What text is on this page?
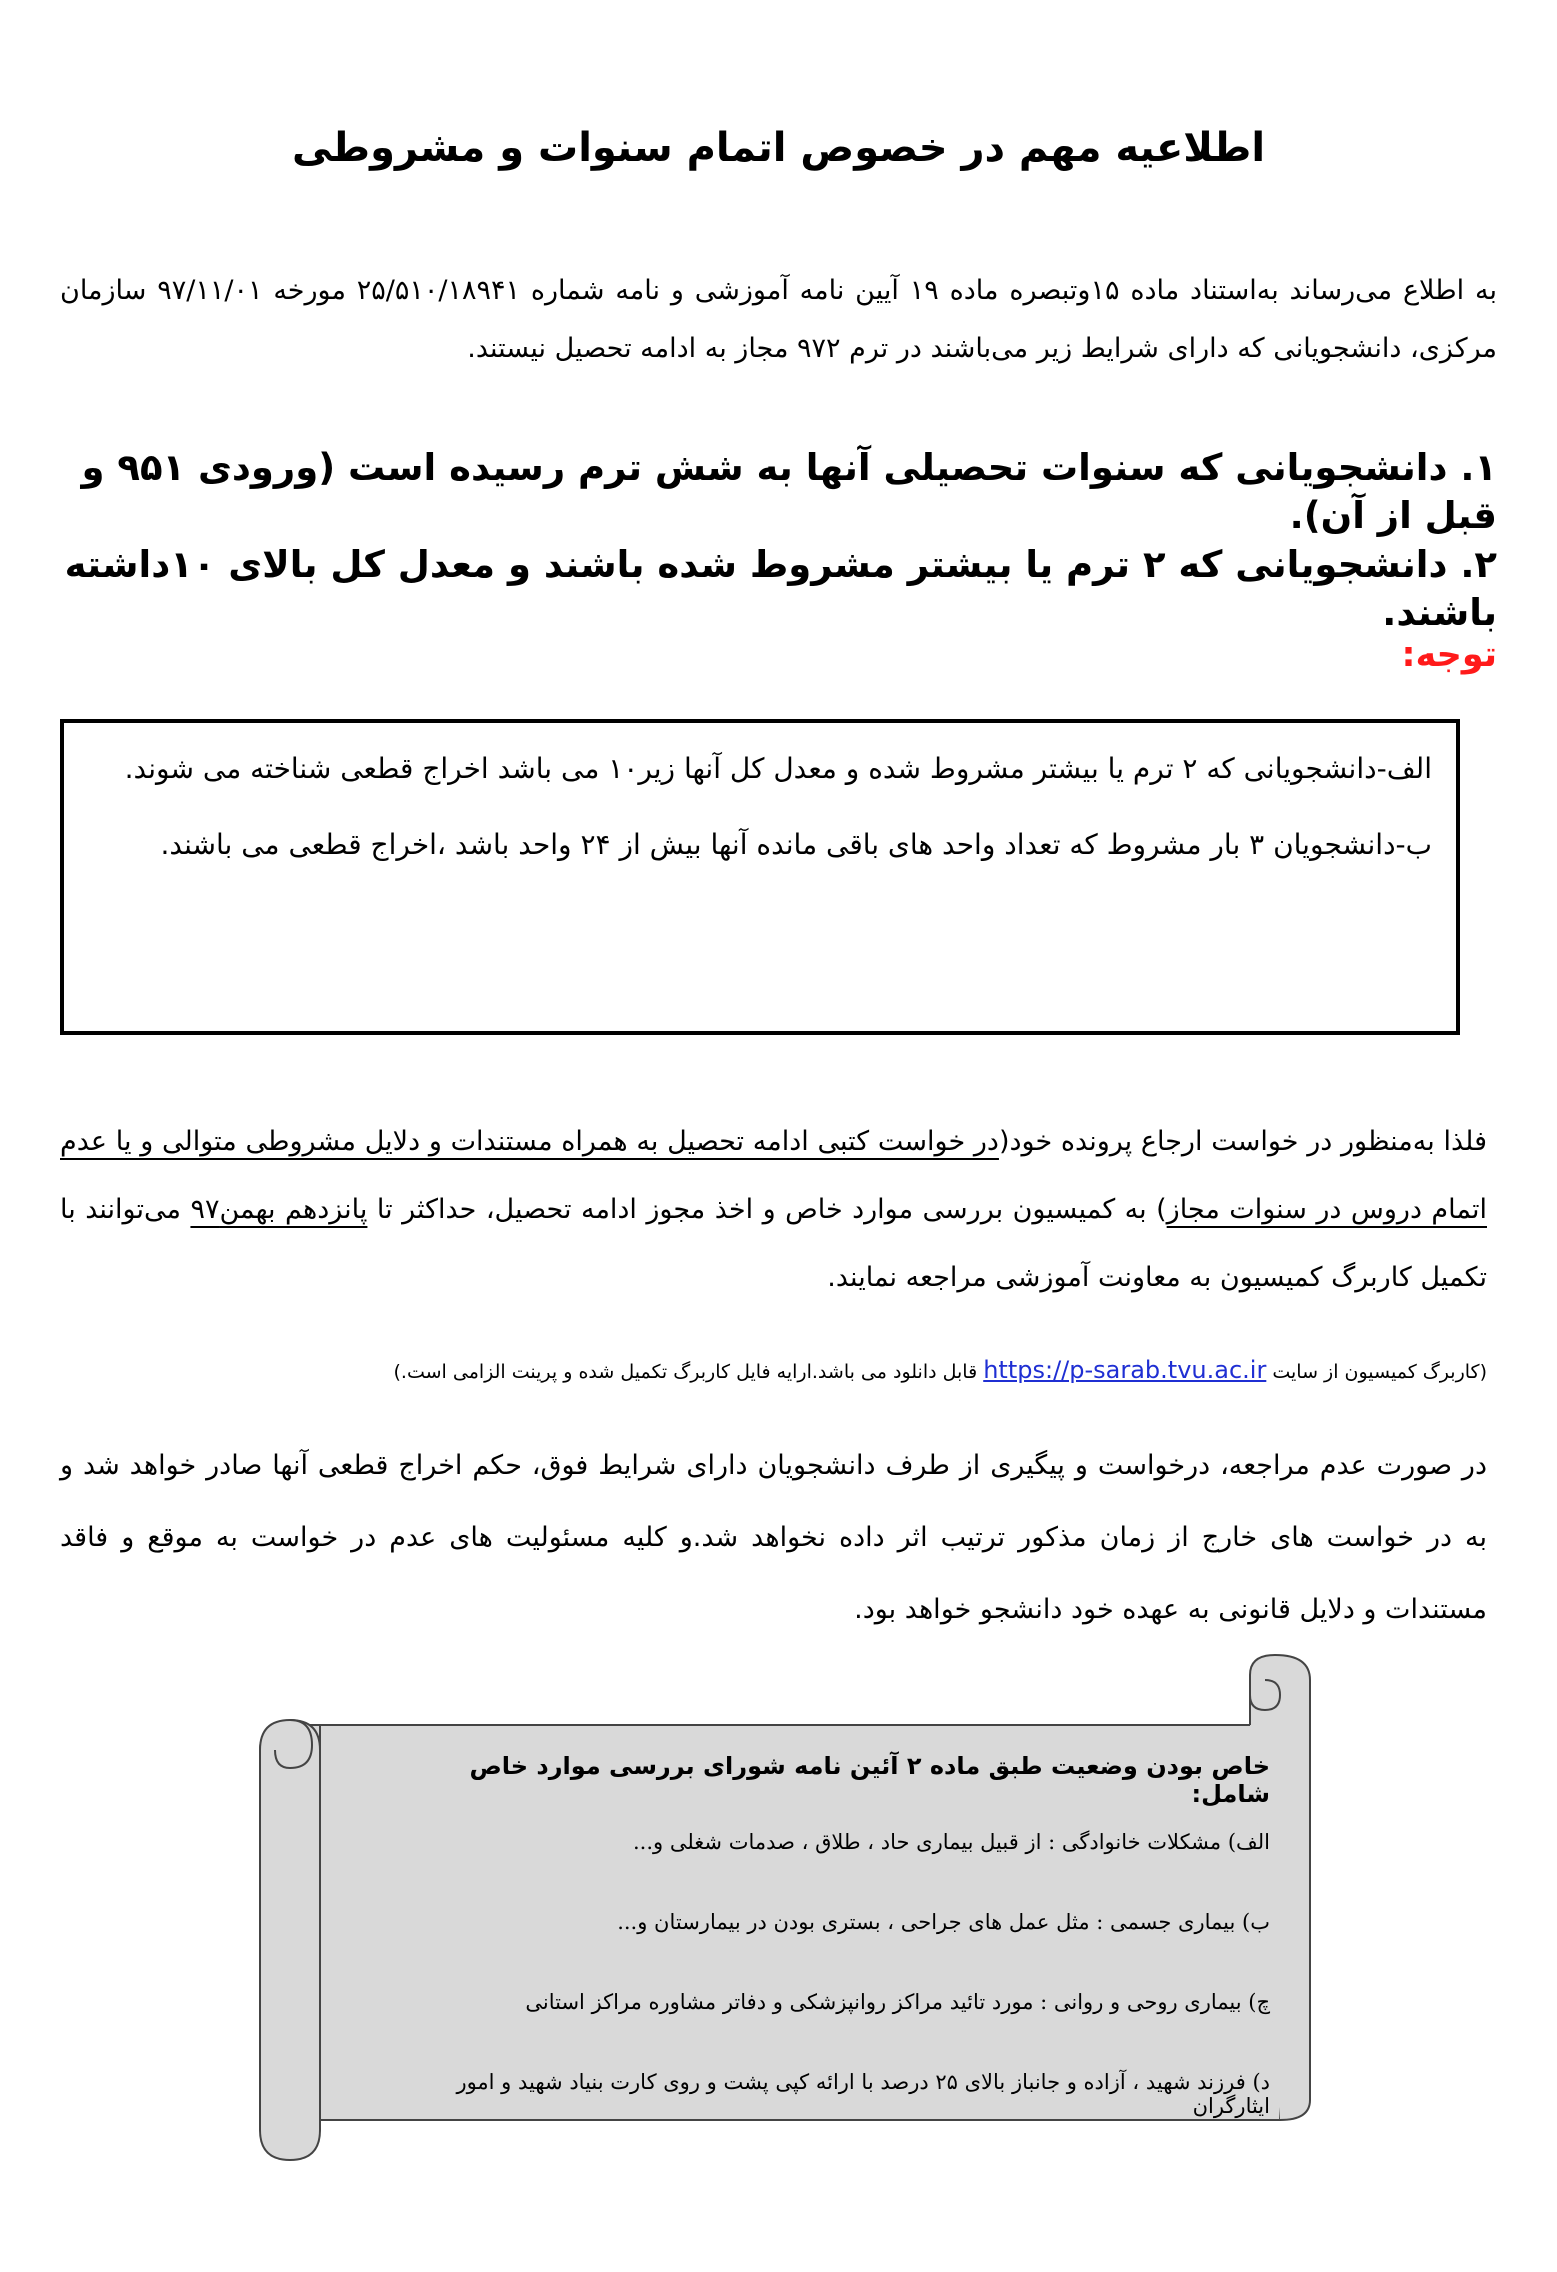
اطلاعیه مهم در خصوص اتمام سنوات و مشروطی
به اطلاع می‌رساند به‌استناد ماده ۱۵وتبصره ماده ۱۹ آیین نامه آموزشی و نامه شماره ۲۵/۵۱۰/۱۸۹۴۱ مورخه ۹۷/۱۱/۰۱ سازمان مرکزی، دانشجویانی که دارای شرایط زیر می‌باشند در ترم ۹۷۲ مجاز به ادامه تحصیل نیستند.
۱. دانشجویانی که سنوات تحصیلی آنها به شش ترم رسیده است (ورودی ۹۵۱ و قبل از آن).
۲. دانشجویانی که ۲ ترم یا بیشتر مشروط شده باشند و معدل کل بالای ۱۰داشته باشند.
توجه:

الف-دانشجویانی که ۲ ترم یا بیشتر مشروط شده و معدل کل آنها زیر۱۰ می باشد اخراج قطعی شناخته می شوند.

ب-دانشجویان ۳ بار مشروط که تعداد واحد های باقی مانده آنها بیش از ۲۴ واحد باشد ،اخراج قطعی می باشند.

فلذا به‌منظور در خواست ارجاع پرونده خود(در خواست کتبی ادامه تحصیل به همراه مستندات و دلایل مشروطی متوالی و یا عدم اتمام دروس در سنوات مجاز) به کمیسیون بررسی موارد خاص و اخذ مجوز ادامه تحصیل، حداکثر تا پانزدهم بهمن۹۷ می‌توانند با تکمیل کاربرگ کمیسیون به معاونت آموزشی مراجعه نمایند.
(کاربرگ کمیسیون از سایت https://p-sarab.tvu.ac.ir قابل دانلود می باشد.ارایه فایل کاربرگ تکمیل شده و پرینت الزامی است.)
در صورت عدم مراجعه، درخواست و پیگیری از طرف دانشجویان دارای شرایط فوق، حکم اخراج قطعی آنها صادر خواهد شد و به در خواست های خارج از زمان مذکور ترتیب اثر داده نخواهد شد.و کلیه مسئولیت های عدم در خواست به موقع و فاقد مستندات و دلایل قانونی به عهده خود دانشجو خواهد بود.
خاص بودن وضعیت طبق ماده ۲ آئین نامه شورای بررسی موارد خاص شامل:
الف) مشکلات خانوادگی : از قبیل بیماری حاد ، طلاق ، صدمات شغلی و...
ب) بیماری جسمی : مثل عمل های جراحی ، بستری بودن در بیمارستان و...
چ) بیماری روحی و روانی : مورد تائید مراکز روانپزشکی و دفاتر مشاوره مراکز استانی
د) فرزند شهید ، آزاده و جانباز بالای ۲۵ درصد با ارائه کپی پشت و روی کارت بنیاد شهید و امور ایثارگران
